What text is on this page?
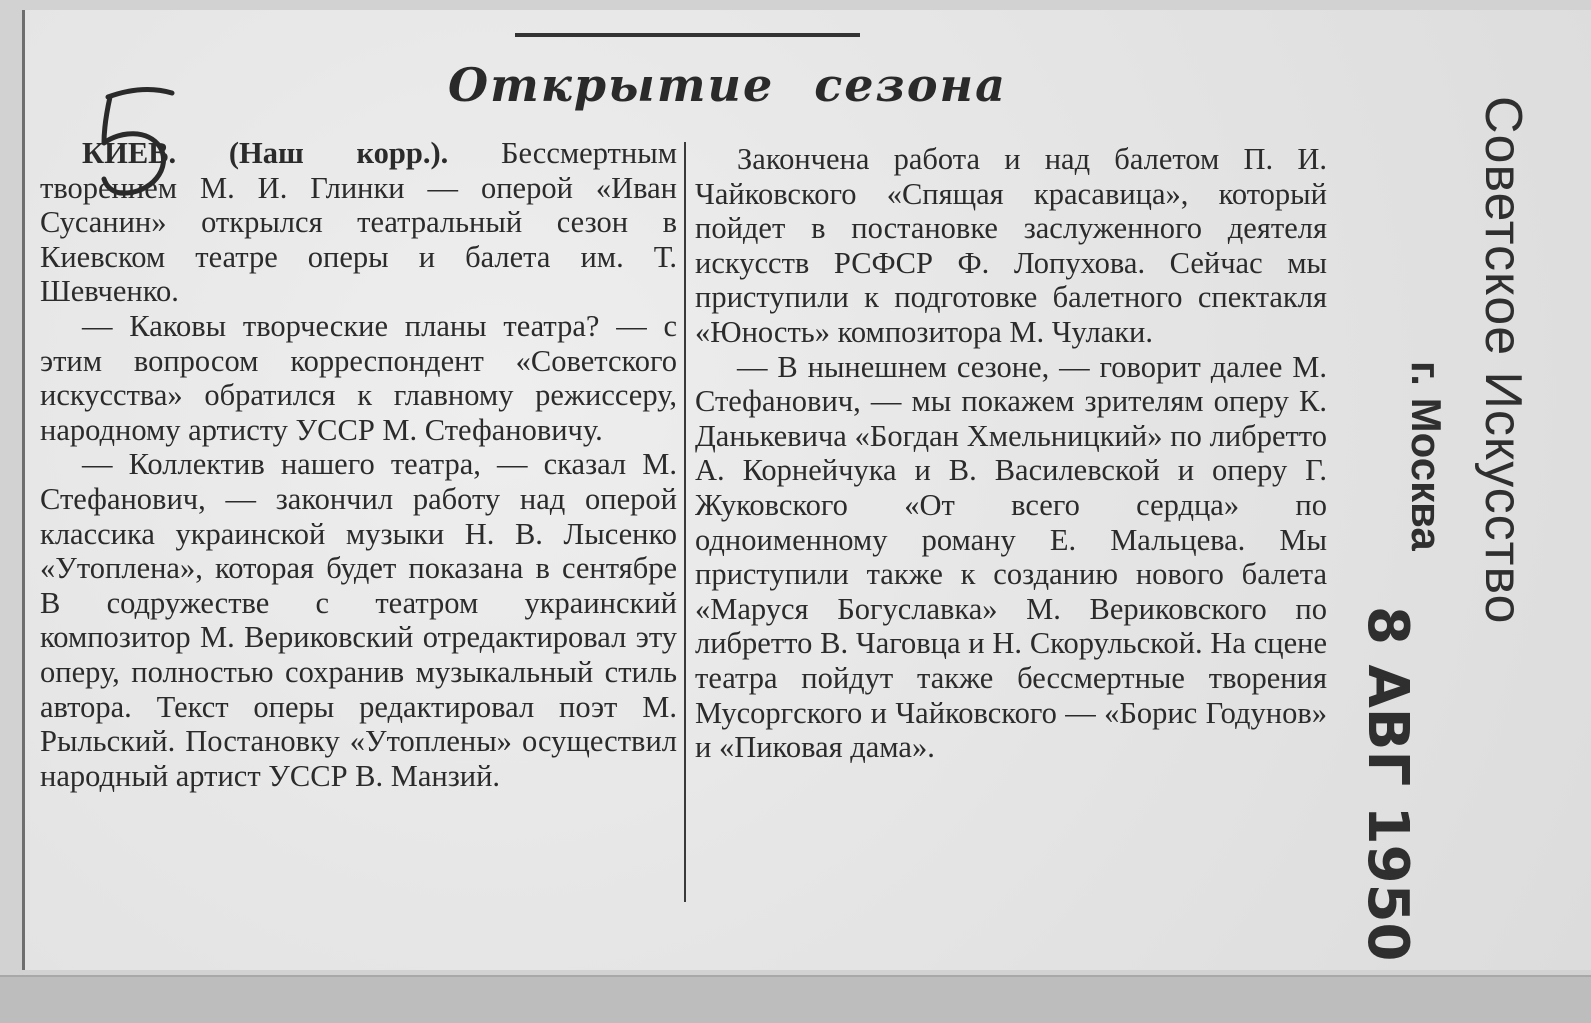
Открытие сезона

КИЕВ. (Наш корр.). Бессмертным творением М. И. Глинки — оперой «Иван Сусанин» открылся театральный сезон в Киевском театре оперы и балета им. Т. Шевченко.

— Каковы творческие планы театра? — с этим вопросом корреспондент «Советского искусства» обратился к главному режиссеру, народному артисту УССР М. Стефановичу.

— Коллектив нашего театра, — сказал М. Стефанович, — закончил работу над оперой классика украинской музыки Н. В. Лысенко «Утоплена», которая будет показана в сентябре В содружестве с театром украинский композитор М. Вериковский отредактировал эту оперу, полностью сохранив музыкальный стиль автора. Текст оперы редактировал поэт М. Рыльский. Постановку «Утоплены» осуществил народный артист УССР В. Манзий.

Закончена работа и над балетом П. И. Чайковского «Спящая красавица», который пойдет в постановке заслуженного деятеля искусств РСФСР Ф. Лопухова. Сейчас мы приступили к подготовке балетного спектакля «Юность» композитора М. Чулаки.

— В нынешнем сезоне, — говорит далее М. Стефанович, — мы покажем зрителям оперу К. Данькевича «Богдан Хмельницкий» по либретто А. Корнейчука и В. Василевской и оперу Г. Жуковского «От всего сердца» по одноименному роману Е. Мальцева. Мы приступили также к созданию нового балета «Маруся Богуславка» М. Вериковского по либретто В. Чаговца и Н. Скорульской. На сцене театра пойдут также бессмертные творения Мусоргского и Чайковского — «Борис Годунов» и «Пиковая дама».

Советское Искусство
г. Москва
8 АВГ 1950
